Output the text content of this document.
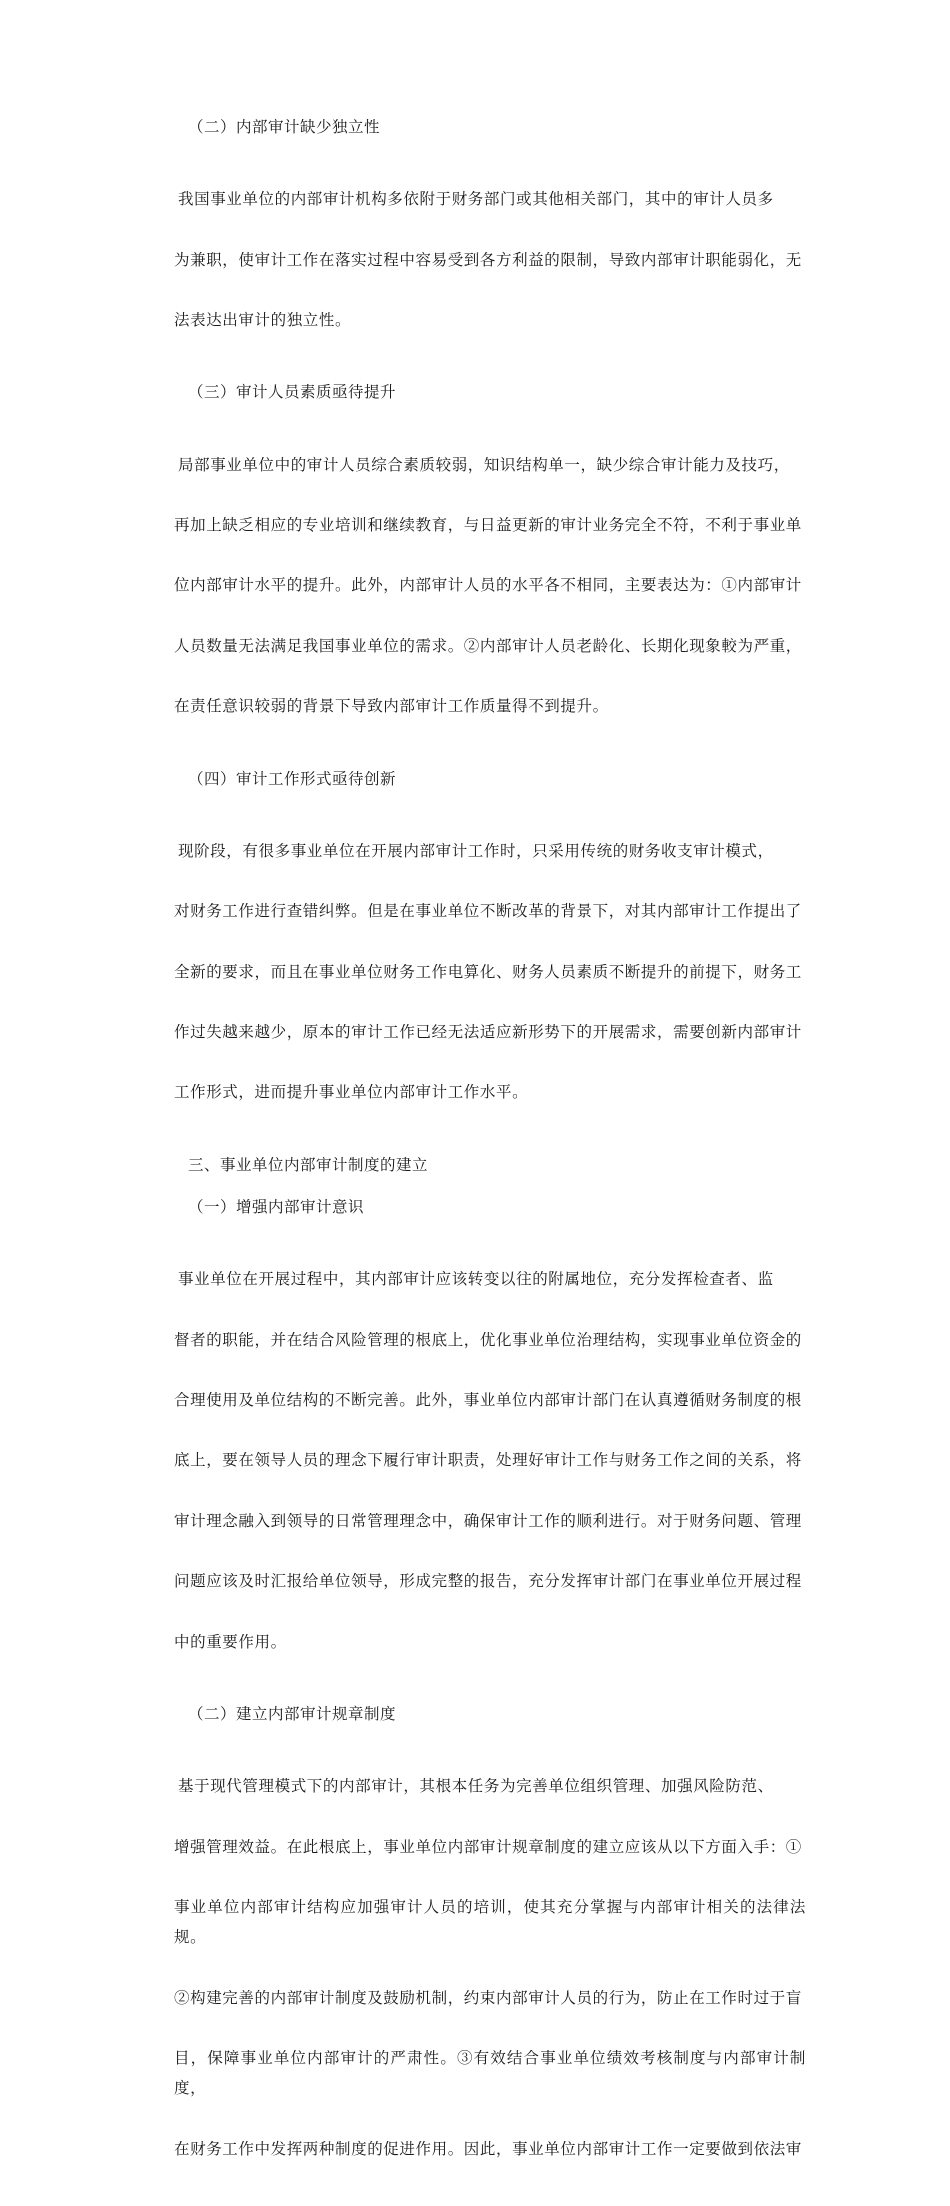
（二）内部审计缺少独立性

我国事业单位的内部审计机构多依附于财务部门或其他相关部门，其中的审计人员多

为兼职，使审计工作在落实过程中容易受到各方利益的限制，导致内部审计职能弱化，无

法表达出审计的独立性。

（三）审计人员素质亟待提升

局部事业单位中的审计人员综合素质较弱，知识结构单一，缺少综合审计能力及技巧，

再加上缺乏相应的专业培训和继续教育，与日益更新的审计业务完全不符，不利于事业单

位内部审计水平的提升。此外，内部审计人员的水平各不相同，主要表达为：①内部审计

人员数量无法满足我国事业单位的需求。②内部审计人员老龄化、长期化现象較为严重，

在责任意识较弱的背景下导致内部审计工作质量得不到提升。

（四）审计工作形式亟待创新

现阶段，有很多事业单位在开展内部审计工作时，只采用传统的财务收支审计模式，

对财务工作进行查错纠弊。但是在事业单位不断改革的背景下，对其内部审计工作提出了

全新的要求，而且在事业单位财务工作电算化、财务人员素质不断提升的前提下，财务工

作过失越来越少，原本的审计工作已经无法适应新形势下的开展需求，需要创新内部审计

工作形式，进而提升事业单位内部审计工作水平。

三、事业单位内部审计制度的建立
（一）增强内部审计意识

事业单位在开展过程中，其内部审计应该转变以往的附属地位，充分发挥检查者、监

督者的职能，并在结合风险管理的根底上，优化事业单位治理结构，实现事业单位资金的

合理使用及单位结构的不断完善。此外，事业单位内部审计部门在认真遵循财务制度的根

底上，要在领导人员的理念下履行审计职责，处理好审计工作与财务工作之间的关系，将

审计理念融入到领导的日常管理理念中，确保审计工作的顺利进行。对于财务问题、管理

问题应该及时汇报给单位领导，形成完整的报告，充分发挥审计部门在事业单位开展过程

中的重要作用。

（二）建立内部审计规章制度

基于现代管理模式下的内部审计，其根本任务为完善单位组织管理、加强风险防范、

增强管理效益。在此根底上，事业单位内部审计规章制度的建立应该从以下方面入手：①

事业单位内部审计结构应加强审计人员的培训，使其充分掌握与内部审计相关的法律法规。

②构建完善的内部审计制度及鼓励机制，约束内部审计人员的行为，防止在工作时过于盲

目，保障事业单位内部审计的严肃性。③有效结合事业单位绩效考核制度与内部审计制度，

在财务工作中发挥两种制度的促进作用。因此，事业单位内部审计工作一定要做到依法审
